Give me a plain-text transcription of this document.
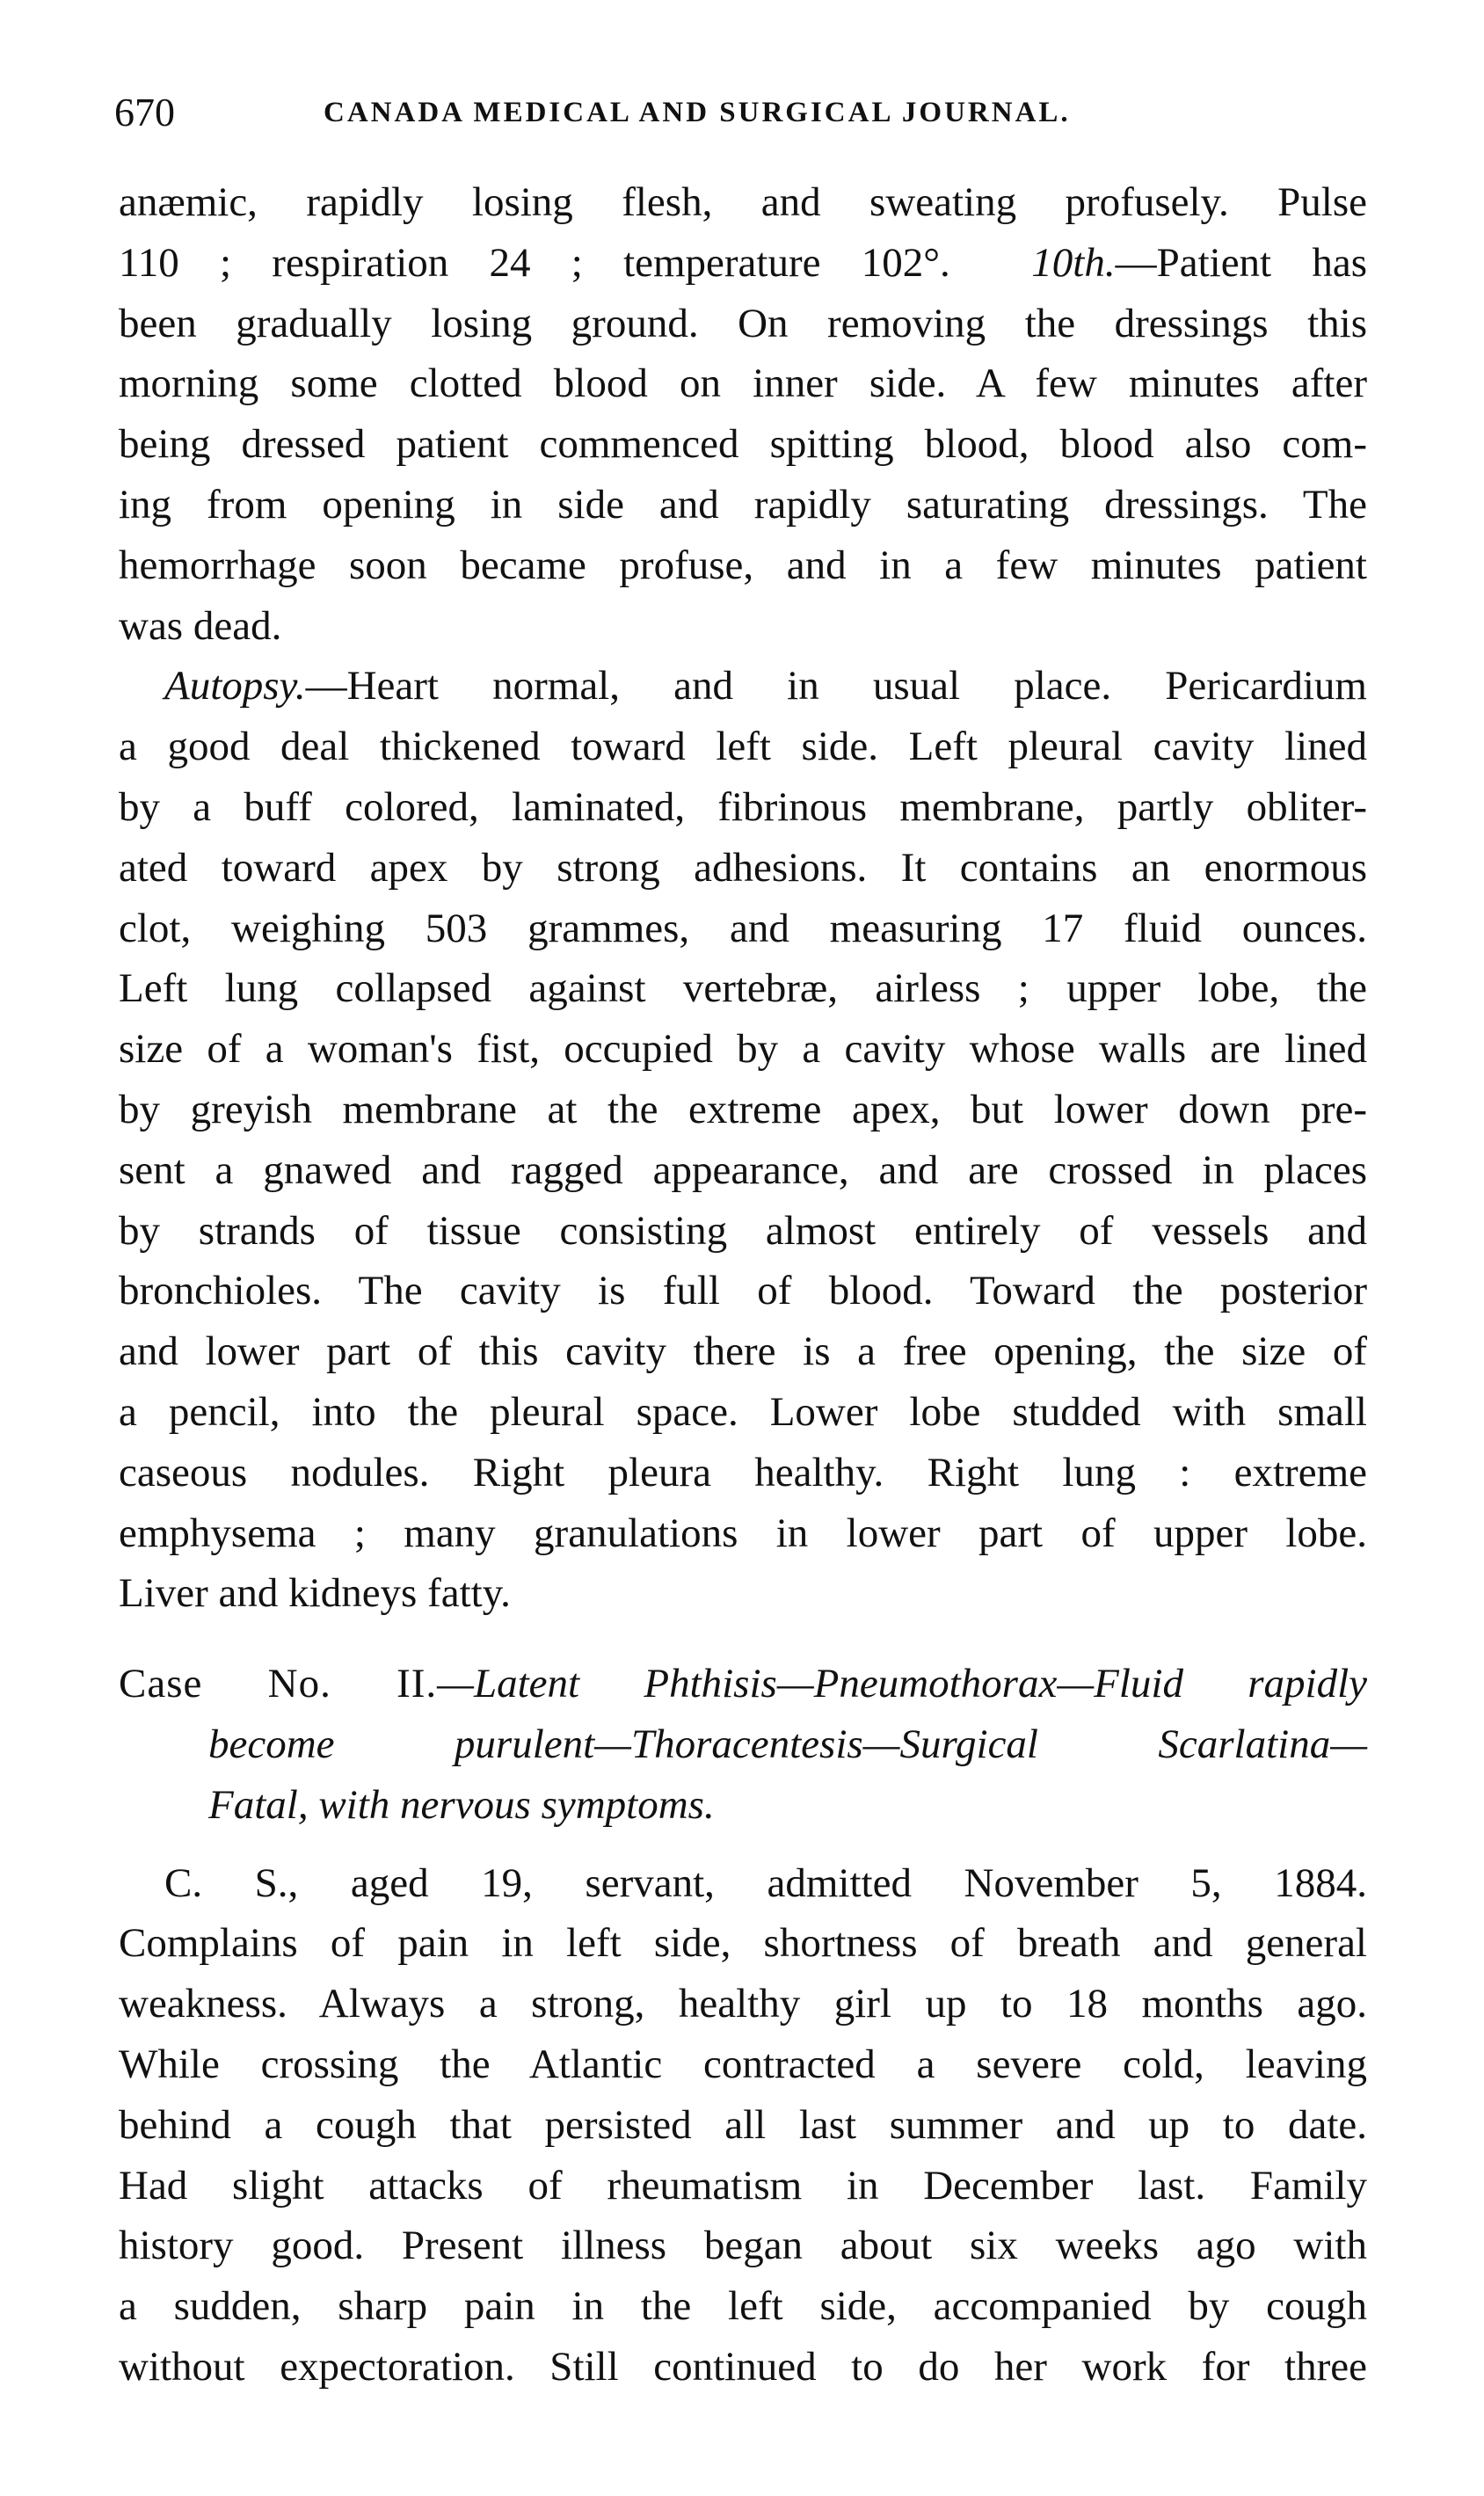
670	CANADA MEDICAL AND SURGICAL JOURNAL.
anæmic, rapidly losing flesh, and sweating profusely. Pulse
110 ; respiration 24 ; temperature 102°. 10th.—Patient has
been gradually losing ground. On removing the dressings this
morning some clotted blood on inner side. A few minutes after
being dressed patient commenced spitting blood, blood also com-
ing from opening in side and rapidly saturating dressings. The
hemorrhage soon became profuse, and in a few minutes patient
was dead.
Autopsy.—Heart normal, and in usual place. Pericardium
a good deal thickened toward left side. Left pleural cavity lined
by a buff colored, laminated, fibrinous membrane, partly obliter-
ated toward apex by strong adhesions. It contains an enormous
clot, weighing 503 grammes, and measuring 17 fluid ounces.
Left lung collapsed against vertebræ, airless ; upper lobe, the
size of a woman's fist, occupied by a cavity whose walls are lined
by greyish membrane at the extreme apex, but lower down pre-
sent a gnawed and ragged appearance, and are crossed in places
by strands of tissue consisting almost entirely of vessels and
bronchioles. The cavity is full of blood. Toward the posterior
and lower part of this cavity there is a free opening, the size of
a pencil, into the pleural space. Lower lobe studded with small
caseous nodules. Right pleura healthy. Right lung : extreme
emphysema ; many granulations in lower part of upper lobe.
Liver and kidneys fatty.
Case No. II.—Latent Phthisis—Pneumothorax—Fluid rapidly
become purulent—Thoracentesis—Surgical Scarlatina—
Fatal, with nervous symptoms.
C. S., aged 19, servant, admitted November 5, 1884.
Complains of pain in left side, shortness of breath and general
weakness. Always a strong, healthy girl up to 18 months ago.
While crossing the Atlantic contracted a severe cold, leaving
behind a cough that persisted all last summer and up to date.
Had slight attacks of rheumatism in December last. Family
history good. Present illness began about six weeks ago with
a sudden, sharp pain in the left side, accompanied by cough
without expectoration. Still continued to do her work for three
